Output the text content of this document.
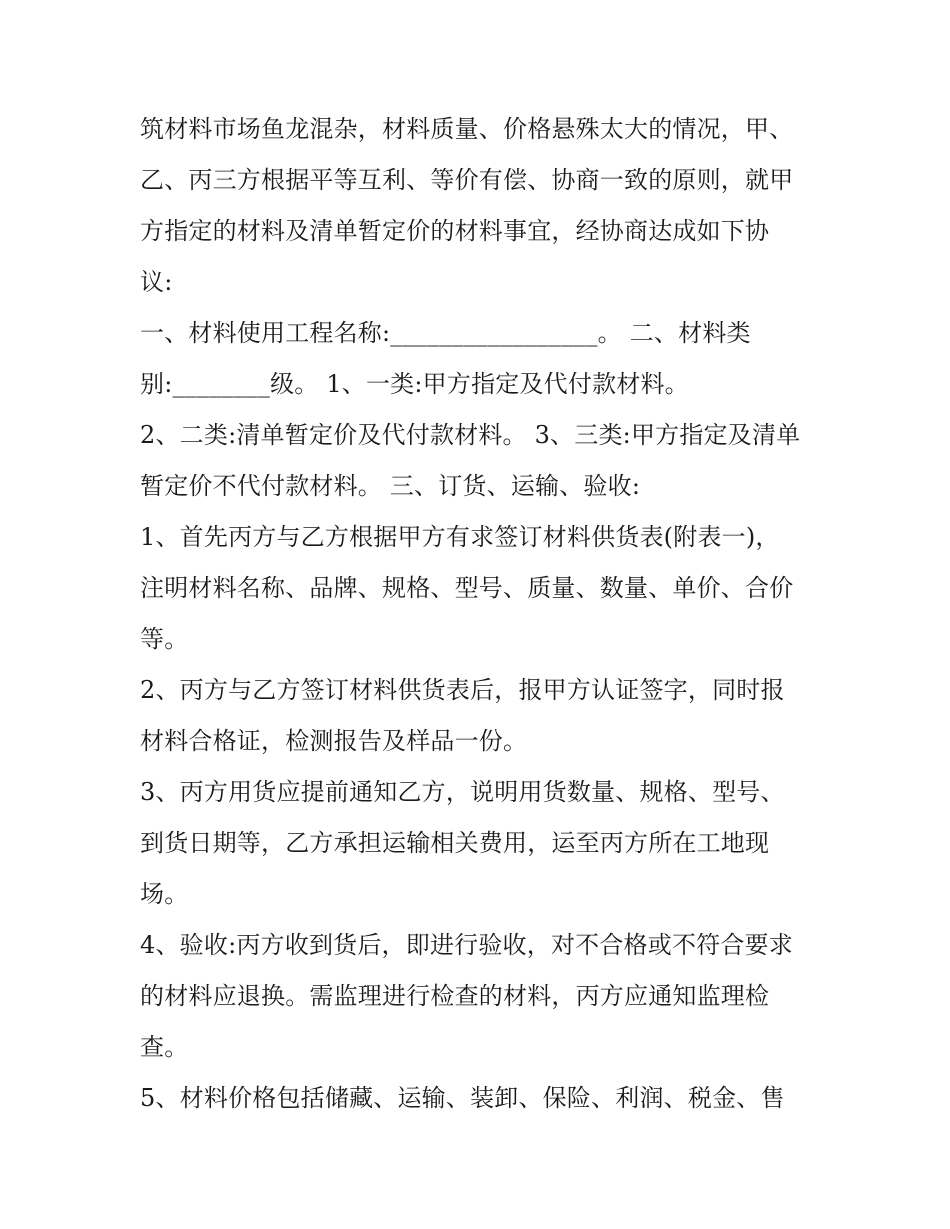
筑材料市场鱼龙混杂，材料质量、价格悬殊太大的情况，甲、
乙、丙三方根据平等互利、等价有偿、协商一致的原则，就甲
方指定的材料及清单暂定价的材料事宜，经协商达成如下协
议:
一、材料使用工程名称:_________________。 二、材料类
别:________级。 1、一类:甲方指定及代付款材料。
2、二类:清单暂定价及代付款材料。 3、三类:甲方指定及清单
暂定价不代付款材料。 三、订货、运输、验收:
1、首先丙方与乙方根据甲方有求签订材料供货表(附表一)，
注明材料名称、品牌、规格、型号、质量、数量、单价、合价
等。
2、丙方与乙方签订材料供货表后，报甲方认证签字，同时报
材料合格证，检测报告及样品一份。
3、丙方用货应提前通知乙方，说明用货数量、规格、型号、
到货日期等，乙方承担运输相关费用，运至丙方所在工地现
场。
4、验收:丙方收到货后，即进行验收，对不合格或不符合要求
的材料应退换。需监理进行检查的材料，丙方应通知监理检
查。
5、材料价格包括储藏、运输、装卸、保险、利润、税金、售
